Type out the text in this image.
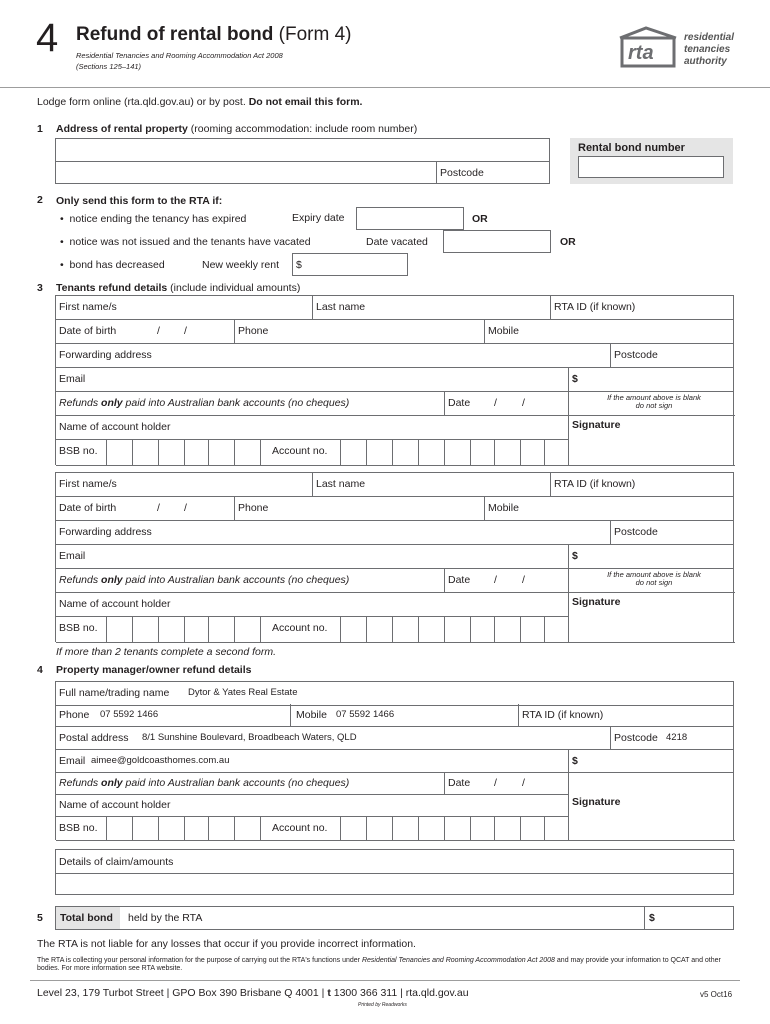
4 Refund of rental bond (Form 4)
Residential Tenancies and Rooming Accommodation Act 2008
(Sections 125–141)
rta
residential
tenancies
authority
Lodge form online (rta.qld.gov.au) or by post. Do not email this form.
1 Address of rental property (rooming accommodation: include room number)
Postcode
Rental bond number
2 Only send this form to the RTA if:
•  notice ending the tenancy has expired	Expiry date	OR
•  notice was not issued and the tenants have vacated	Date vacated	OR
•  bond has decreased	New weekly rent $
3 Tenants refund details (include individual amounts)
First name/s	Last name	RTA ID (if known)
Date of birth	/ /	Phone	Mobile
Forwarding address	Postcode
Email	$
Refunds only paid into Australian bank accounts (no cheques)	Date / /	If the amount above is blank
do not sign
Signature
Name of account holder
BSB no.	Account no.
First name/s	Last name	RTA ID (if known)
Date of birth	/ /	Phone	Mobile
Forwarding address	Postcode
Email	$
Refunds only paid into Australian bank accounts (no cheques)	Date / /	If the amount above is blank
do not sign
Signature
Name of account holder
BSB no.	Account no.
If more than 2 tenants complete a second form.
4 Property manager/owner refund details
Full name/trading name Dytor & Yates Real Estate
Phone 07 5592 1466	Mobile 07 5592 1466	RTA ID (if known)
Postal address 8/1 Sunshine Boulevard, Broadbeach Waters, QLD	Postcode 4218
Email aimee@goldcoasthomes.com.au	$
Refunds only paid into Australian bank accounts (no cheques)	Date / /
Signature
Name of account holder
BSB no.	Account no.
Details of claim/amounts
5 Total bond held by the RTA	$
The RTA is not liable for any losses that occur if you provide incorrect information.
The RTA is collecting your personal information for the purpose of carrying out the RTA's functions under Residential Tenancies and Rooming Accommodation Act 2008 and may provide your information to QCAT and other bodies. For more information see RTA website.
Level 23, 179 Turbot Street | GPO Box 390 Brisbane Q 4001 | t 1300 366 311 | rta.qld.gov.au	v5 Oct16
Printed by Readworks
